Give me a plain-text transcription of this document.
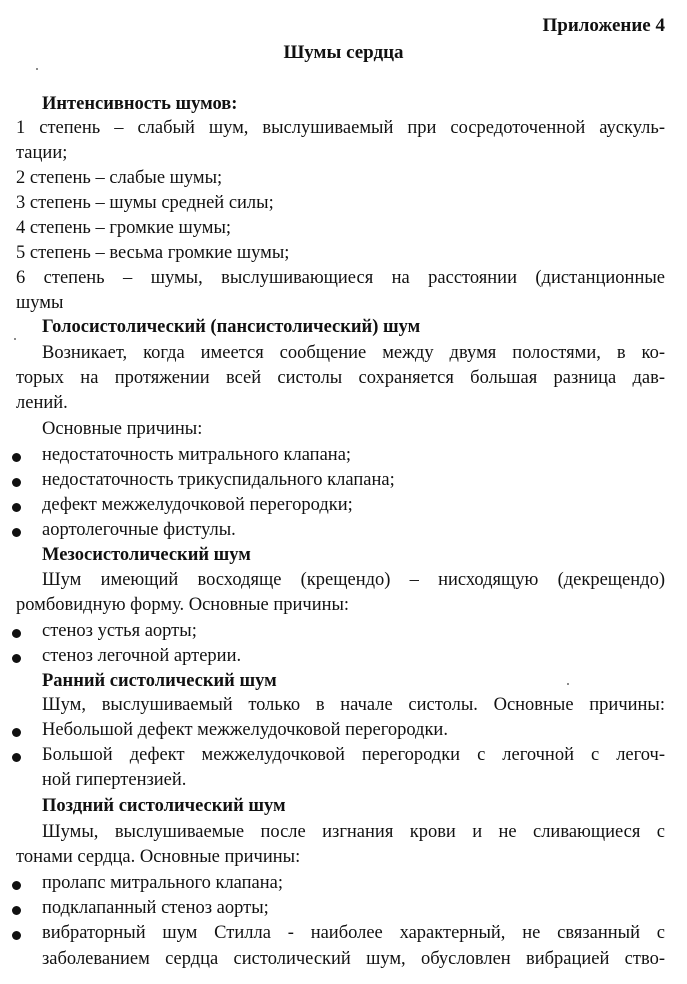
Приложение 4
Шумы сердца
Интенсивность шумов:
1 степень – слабый шум, выслушиваемый при сосредоточенной аускуль-
тации;
2 степень – слабые шумы;
3 степень – шумы средней силы;
4 степень – громкие шумы;
5 степень – весьма громкие шумы;
6 степень – шумы, выслушивающиеся на расстоянии (дистанционные
шумы
Голосистолический (пансистолический) шум
Возникает, когда имеется сообщение между двумя полостями, в ко-
торых на протяжении всей систолы сохраняется большая разница дав-
лений.
Основные причины:
недостаточность митрального клапана;
недостаточность трикуспидального клапана;
дефект межжелудочковой перегородки;
аортолегочные фистулы.
Мезосистолический шум
Шум имеющий восходяще (крещендо) – нисходящую (декрещендо)
ромбовидную форму. Основные причины:
стеноз устья аорты;
стеноз легочной артерии.
Ранний систолический шум
Шум, выслушиваемый только в начале систолы. Основные причины:
Небольшой дефект межжелудочковой перегородки.
Большой дефект межжелудочковой перегородки с легочной с легоч-
ной гипертензией.
Поздний систолический шум
Шумы, выслушиваемые после изгнания крови и не сливающиеся с
тонами сердца. Основные причины:
пролапс митрального клапана;
подклапанный стеноз аорты;
вибраторный шум Стилла - наиболее характерный, не связанный с
заболеванием сердца систолический шум, обусловлен вибрацией ство-
